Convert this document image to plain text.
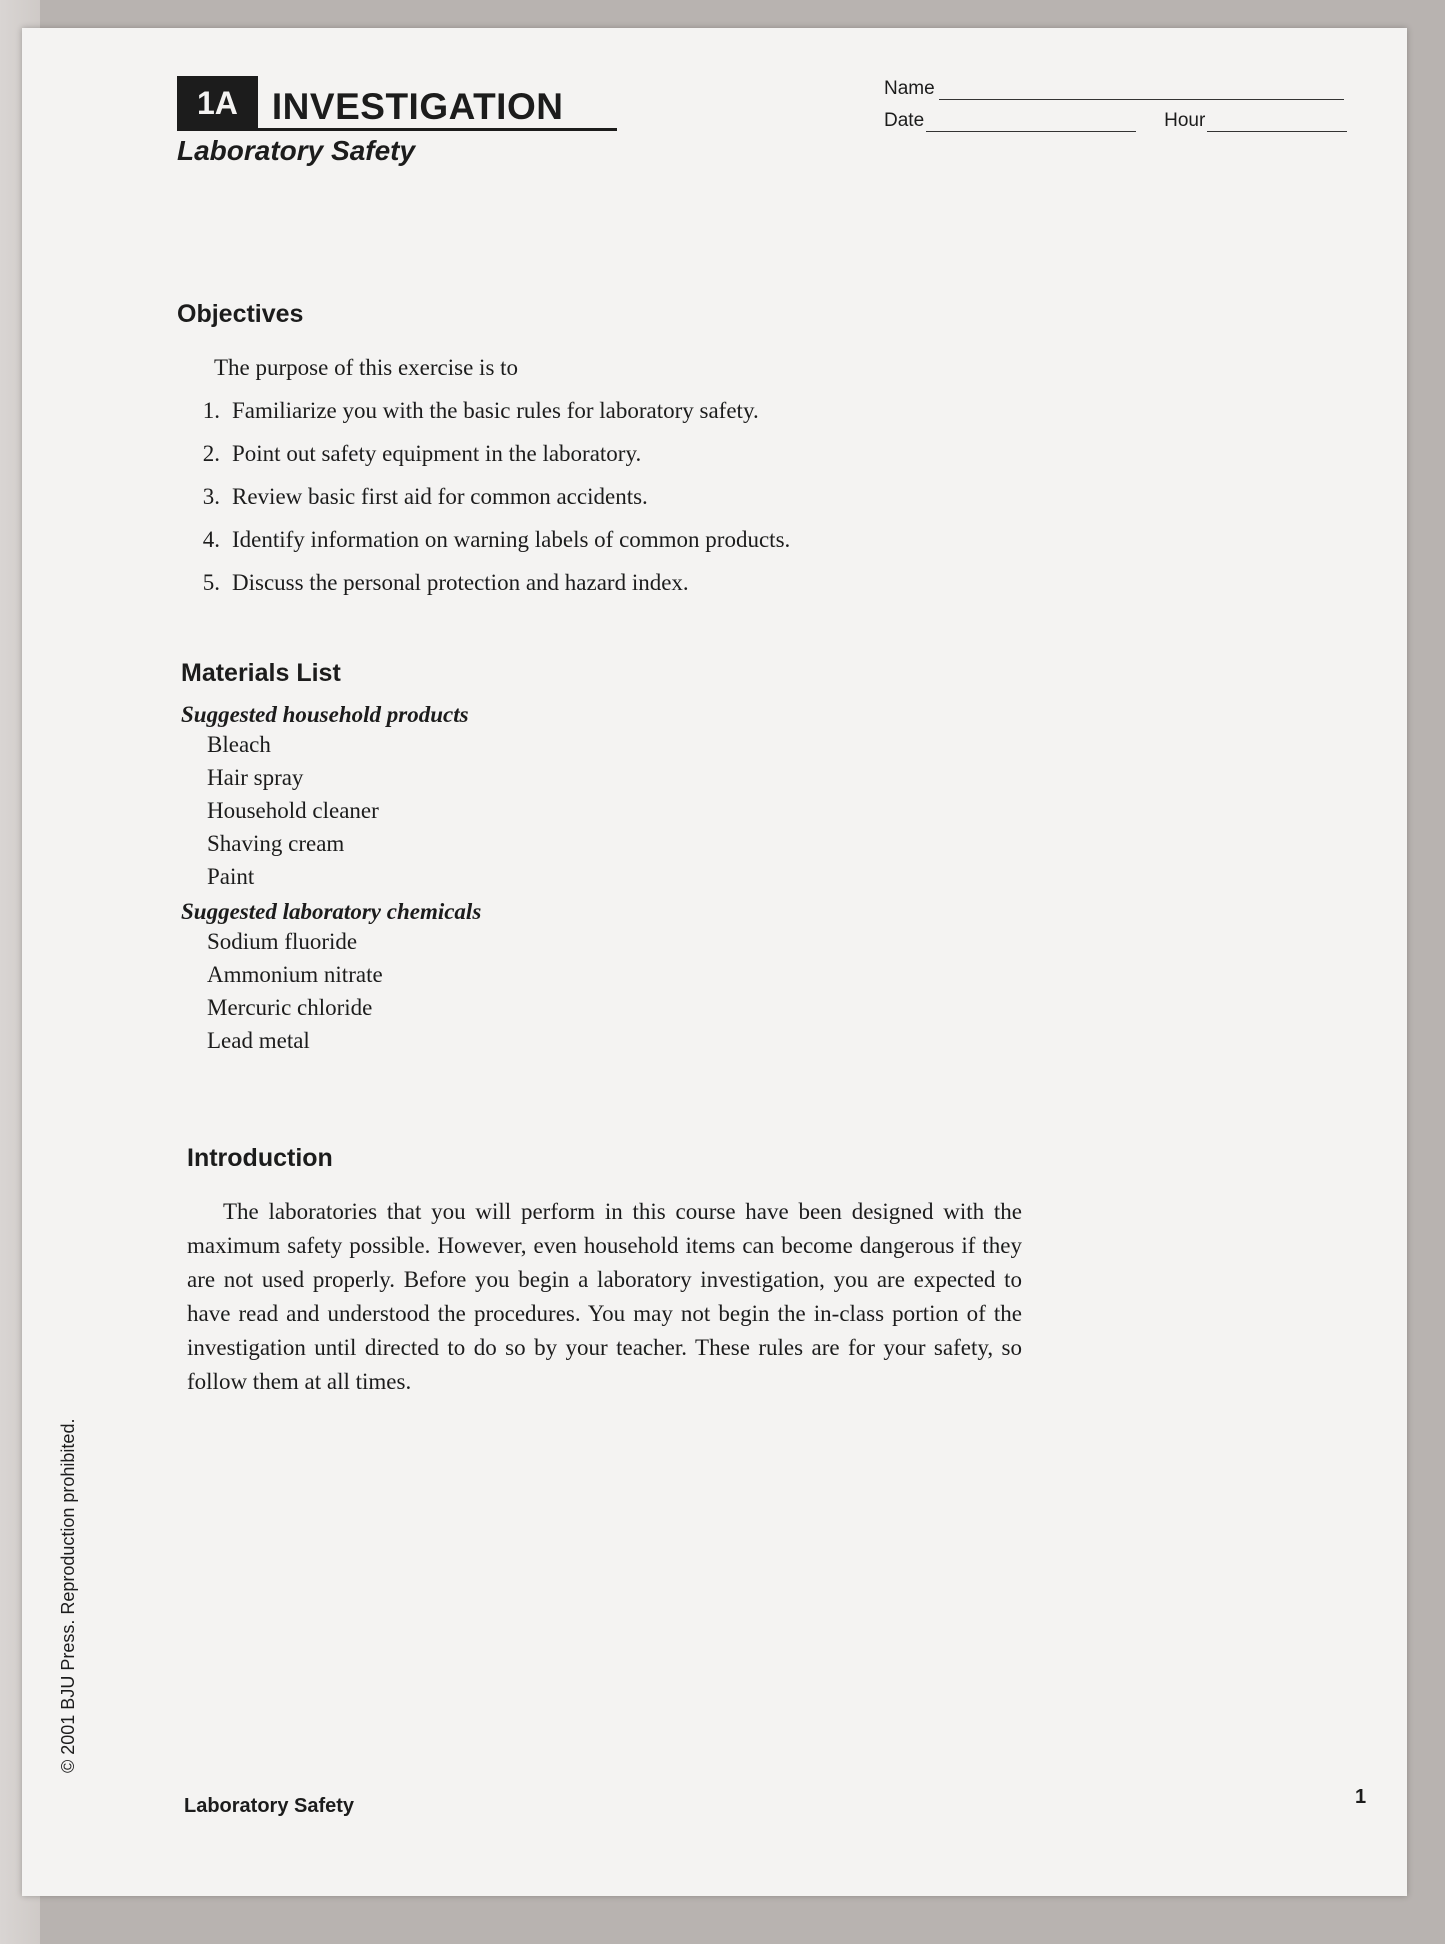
1A INVESTIGATION
Laboratory Safety
Name
Date	Hour
Objectives
The purpose of this exercise is to
1. Familiarize you with the basic rules for laboratory safety.
2. Point out safety equipment in the laboratory.
3. Review basic first aid for common accidents.
4. Identify information on warning labels of common products.
5. Discuss the personal protection and hazard index.
Materials List
Suggested household products
Bleach
Hair spray
Household cleaner
Shaving cream
Paint
Suggested laboratory chemicals
Sodium fluoride
Ammonium nitrate
Mercuric chloride
Lead metal
Introduction
The laboratories that you will perform in this course have been designed with the maximum safety possible. However, even household items can become dangerous if they are not used properly. Before you begin a laboratory investigation, you are expected to have read and understood the procedures. You may not begin the in-class portion of the investigation until directed to do so by your teacher. These rules are for your safety, so follow them at all times.
Laboratory Safety	1
© 2001 BJU Press. Reproduction prohibited.
